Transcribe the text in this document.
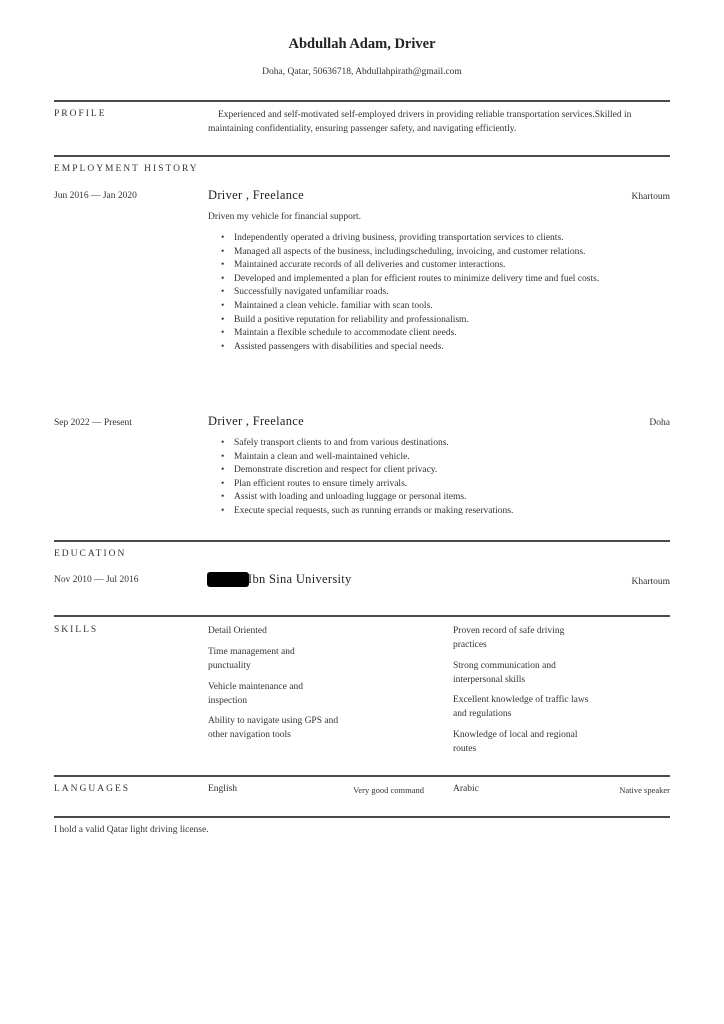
Abdullah Adam, Driver
Doha, Qatar, 50636718, Abdullahpirath@gmail.com
PROFILE	Experienced and self-motivated self-employed drivers in providing reliable transportation services.Skilled in maintaining confidentiality, ensuring passenger safety, and navigating efficiently.
EMPLOYMENT HISTORY
Jun 2016 — Jan 2020	Driver , Freelance	Khartoum
Driven my vehicle for financial support.
• Independently operated a driving business, providing transportation services to clients.
• Managed all aspects of the business, includingscheduling, invoicing, and customer relations.
• Maintained accurate records of all deliveries and customer interactions.
• Developed and implemented a plan for efficient routes to minimize delivery time and fuel costs.
• Successfully navigated unfamiliar roads.
• Maintained a clean vehicle. familiar with scan tools.
• Build a positive reputation for reliability and professionalism.
• Maintain a flexible schedule to accommodate client needs.
• Assisted passengers with disabilities and special needs.
Sep 2022 — Present	Driver , Freelance	Doha
• Safely transport clients to and from various destinations.
• Maintain a clean and well-maintained vehicle.
• Demonstrate discretion and respect for client privacy.
• Plan efficient routes to ensure timely arrivals.
• Assist with loading and unloading luggage or personal items.
• Execute special requests, such as running errands or making reservations.
EDUCATION
Nov 2010 — Jul 2016	Ibn Sina University	Khartoum
SKILLS	Detail Oriented
Time management and punctuality
Vehicle maintenance and inspection
Ability to navigate using GPS and other navigation tools
Proven record of safe driving practices
Strong communication and interpersonal skills
Excellent knowledge of traffic laws and regulations
Knowledge of local and regional routes
LANGUAGES	English	Very good command	Arabic	Native speaker
I hold a valid Qatar light driving license.
